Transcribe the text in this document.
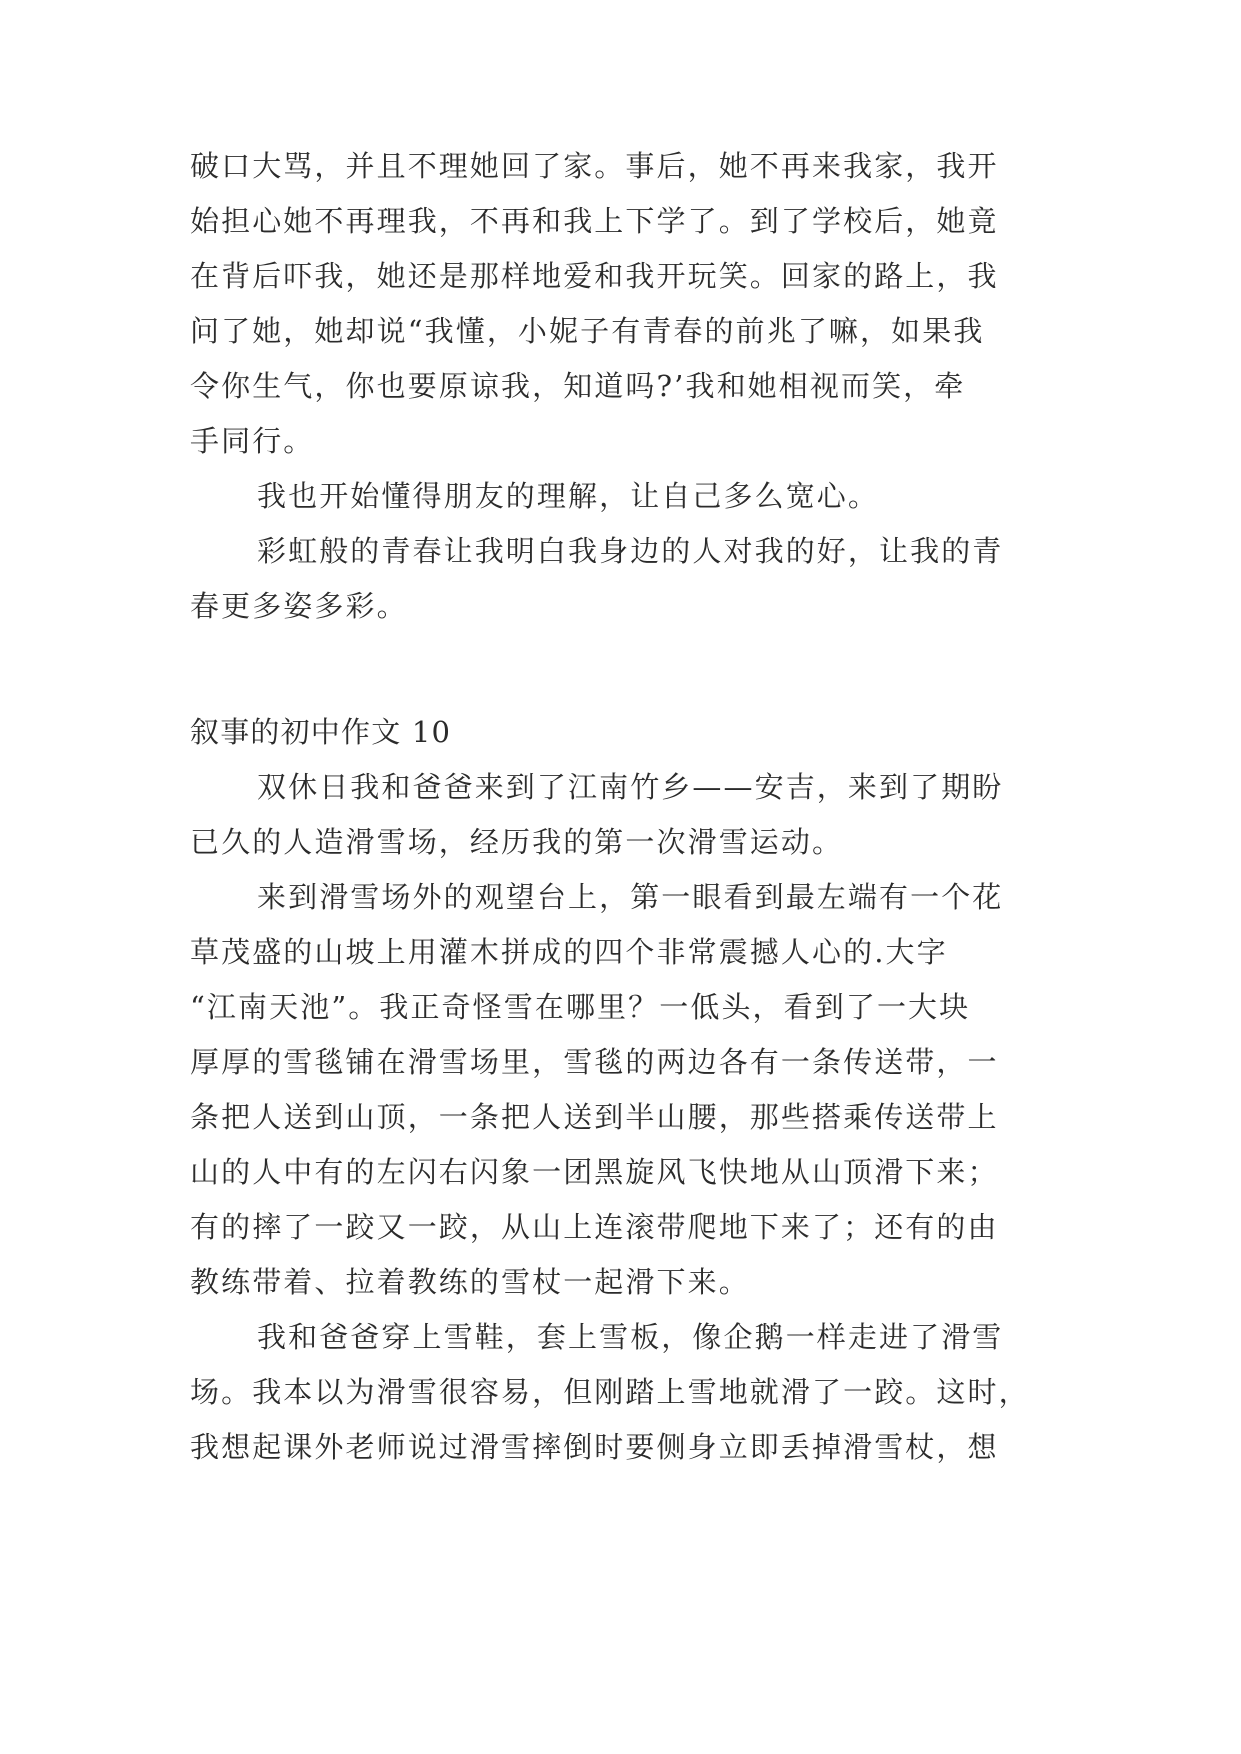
破口大骂，并且不理她回了家。事后，她不再来我家，我开

始担心她不再理我，不再和我上下学了。到了学校后，她竟

在背后吓我，她还是那样地爱和我开玩笑。回家的路上，我

问了她，她却说“我懂，小妮子有青春的前兆了嘛，如果我

令你生气，你也要原谅我，知道吗?’我和她相视而笑，牵

手同行。

我也开始懂得朋友的理解，让自己多么宽心。

彩虹般的青春让我明白我身边的人对我的好，让我的青

春更多姿多彩。

叙事的初中作文 10

双休日我和爸爸来到了江南竹乡——安吉，来到了期盼

已久的人造滑雪场，经历我的第一次滑雪运动。

来到滑雪场外的观望台上，第一眼看到最左端有一个花

草茂盛的山坡上用灌木拼成的四个非常震撼人心的.大字

“江南天池”。我正奇怪雪在哪里？一低头，看到了一大块

厚厚的雪毯铺在滑雪场里，雪毯的两边各有一条传送带，一

条把人送到山顶，一条把人送到半山腰，那些搭乘传送带上

山的人中有的左闪右闪象一团黑旋风飞快地从山顶滑下来；

有的摔了一跤又一跤，从山上连滚带爬地下来了；还有的由

教练带着、拉着教练的雪杖一起滑下来。

我和爸爸穿上雪鞋，套上雪板，像企鹅一样走进了滑雪

场。我本以为滑雪很容易，但刚踏上雪地就滑了一跤。这时，

我想起课外老师说过滑雪摔倒时要侧身立即丢掉滑雪杖，想
